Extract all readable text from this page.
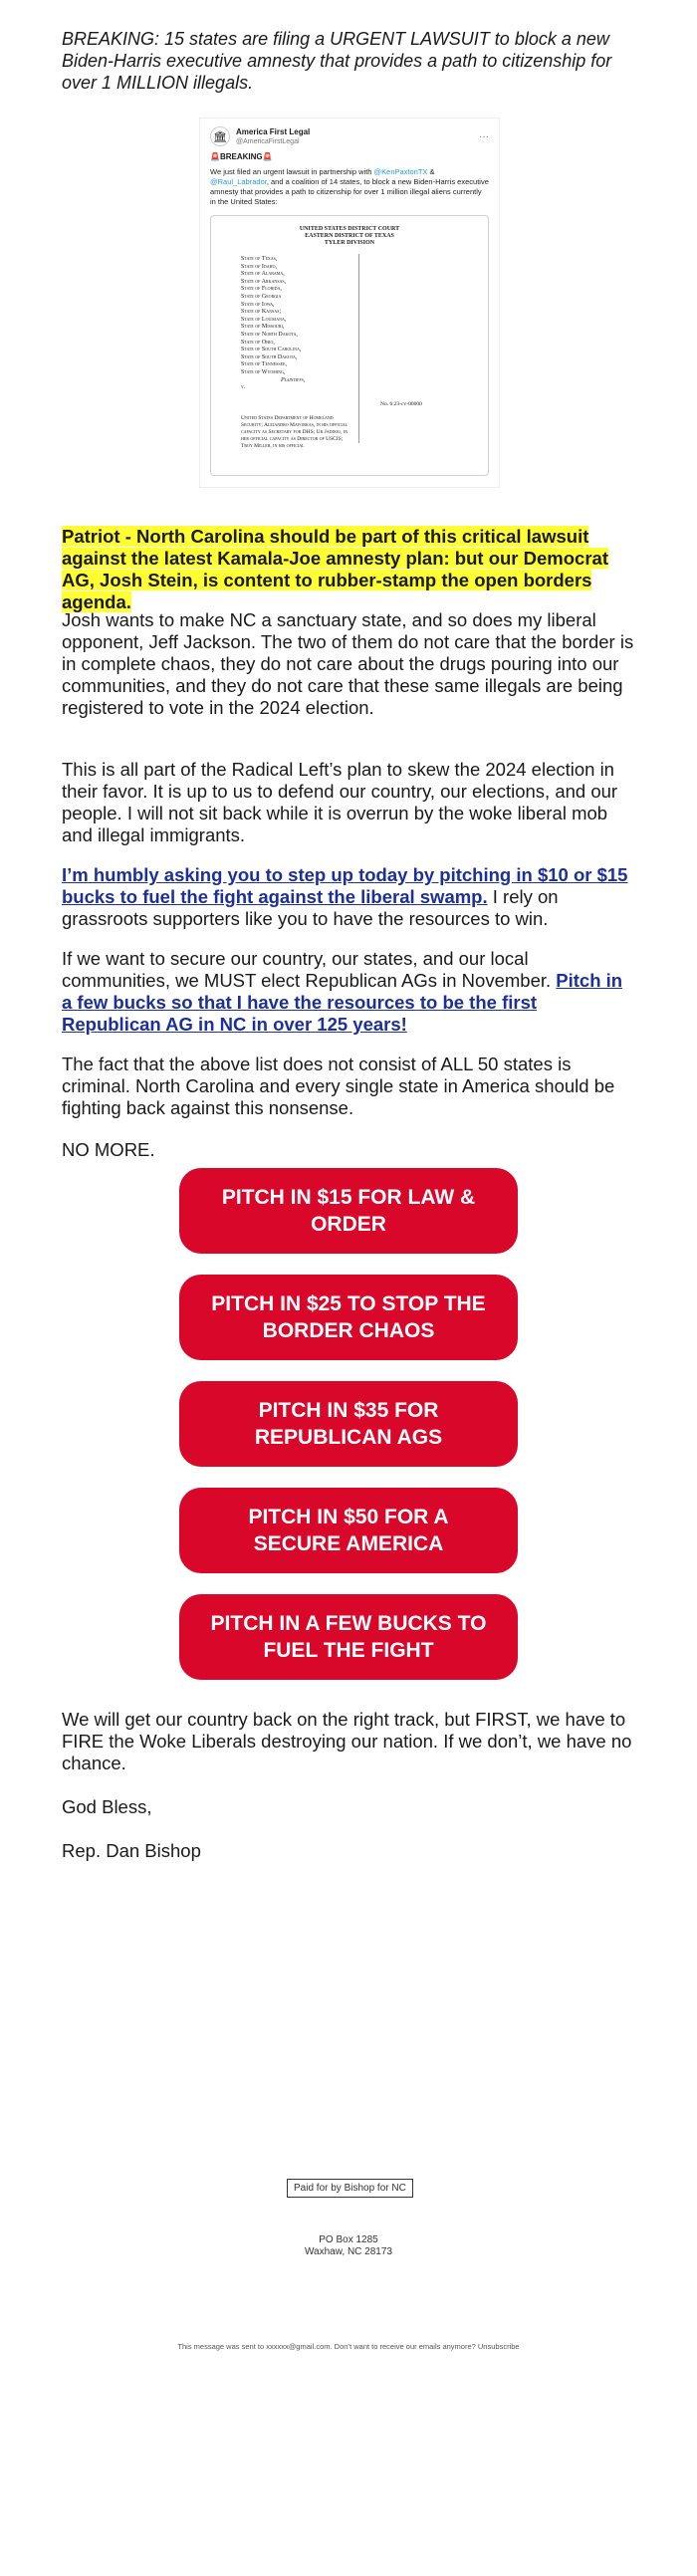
BREAKING: 15 states are filing a URGENT LAWSUIT to block a new Biden-Harris executive amnesty that provides a path to citizenship for over 1 MILLION illegals.

🏛	America First Legal
@AmericaFirstLegal	···
🚨BREAKING🚨
We just filed an urgent lawsuit in partnership with @KenPaxtonTX & @Raul_Labrador, and a coalition of 14 states, to block a new Biden-Harris executive amnesty that provides a path to citizenship for over 1 million illegal aliens currently in the United States:
UNITED STATES DISTRICT COURT
EASTERN DISTRICT OF TEXAS
TYLER DIVISION
State of Texas,
State of Idaho,
State of Alabama,
State of Arkansas,
State of Florida,
State of Georgia
State of Iowa,
State of Kansas;
State of Louisiana,
State of Missouri,
State of North Dakota,
State of Ohio,
State of South Carolina,
State of South Dakota,
State of Tennessee,
State of Wyoming,
Plaintiffs,
v.
No. 6:23-cv-00000
United States Department of Homeland Security; Alejandro Mayorkas, in his official capacity as Secretary for DHS; Ur Jaddou, in her official capacity as Director of USCIS; Troy Miller, in his official

Patriot - North Carolina should be part of this critical lawsuit against the latest Kamala-Joe amnesty plan: but our Democrat AG, Josh Stein, is content to rubber-stamp the open borders agenda.

Josh wants to make NC a sanctuary state, and so does my liberal opponent, Jeff Jackson. The two of them do not care that the border is in complete chaos, they do not care about the drugs pouring into our communities, and they do not care that these same illegals are being registered to vote in the 2024 election.

This is all part of the Radical Left’s plan to skew the 2024 election in their favor. It is up to us to defend our country, our elections, and our people. I will not sit back while it is overrun by the woke liberal mob and illegal immigrants.

I’m humbly asking you to step up today by pitching in $10 or $15 bucks to fuel the fight against the liberal swamp. I rely on grassroots supporters like you to have the resources to win.

If we want to secure our country, our states, and our local communities, we MUST elect Republican AGs in November. Pitch in a few bucks so that I have the resources to be the first Republican AG in NC in over 125 years!

The fact that the above list does not consist of ALL 50 states is criminal. North Carolina and every single state in America should be fighting back against this nonsense.

NO MORE.

PITCH IN $15 FOR LAW & ORDER
PITCH IN $25 TO STOP THE BORDER CHAOS
PITCH IN $35 FOR REPUBLICAN AGS
PITCH IN $50 FOR A SECURE AMERICA
PITCH IN A FEW BUCKS TO FUEL THE FIGHT

We will get our country back on the right track, but FIRST, we have to FIRE the Woke Liberals destroying our nation. If we don’t, we have no chance.

God Bless,

Rep. Dan Bishop

Paid for by Bishop for NC
PO Box 1285
Waxhaw, NC 28173
This message was sent to xxxxxx@gmail.com. Don’t want to receive our emails anymore? Unsubscribe
